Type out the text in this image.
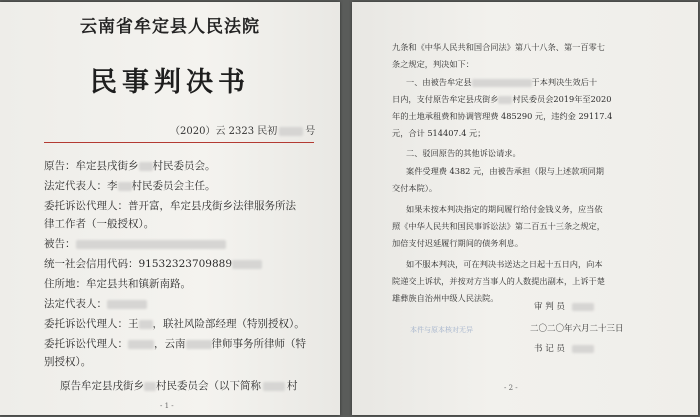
云南省牟定县人民法院
民事判决书
（2020）云 2323 民初	号
原告：牟定县戌街乡 村民委员会。
法定代表人：李 村民委员会主任。
委托诉讼代理人：普开富，牟定县戌街乡法律服务所法
律工作者（一般授权）。
被告：
统一社会信用代码：91532323709889
住所地：牟定县共和镇新南路。
法定代表人：
委托诉讼代理人：王 ，联社风险部经理（特别授权）。
委托诉讼代理人： ，云南 律师事务所律师（特
别授权）。
原告牟定县戌街乡 村民委员会（以下简称 村
- 1 -
九条和《中华人民共和国合同法》第八十八条、第一百零七
条之规定，判决如下：
一、由被告牟定县	于本判决生效后十
日内，支付原告牟定县戌街乡 村民委员会2019年至2020
年的土地承租费和协调管理费 485290 元，违约金 29117.4
元，合计 514407.4 元；
二、驳回原告的其他诉讼请求。
案件受理费 4382 元，由被告承担（限与上述款项同期
交付本院）。
如果未按本判决指定的期间履行给付金钱义务，应当依
照《中华人民共和国民事诉讼法》第二百五十三条之规定，
加倍支付迟延履行期间的债务利息。
如不服本判决，可在判决书送达之日起十五日内，向本
院递交上诉状，并按对方当事人的人数提出副本，上诉于楚
雄彝族自治州中级人民法院。
审 判 员
二〇二〇年六月二十三日
本件与原本核对无异
书 记 员
- 2 -
